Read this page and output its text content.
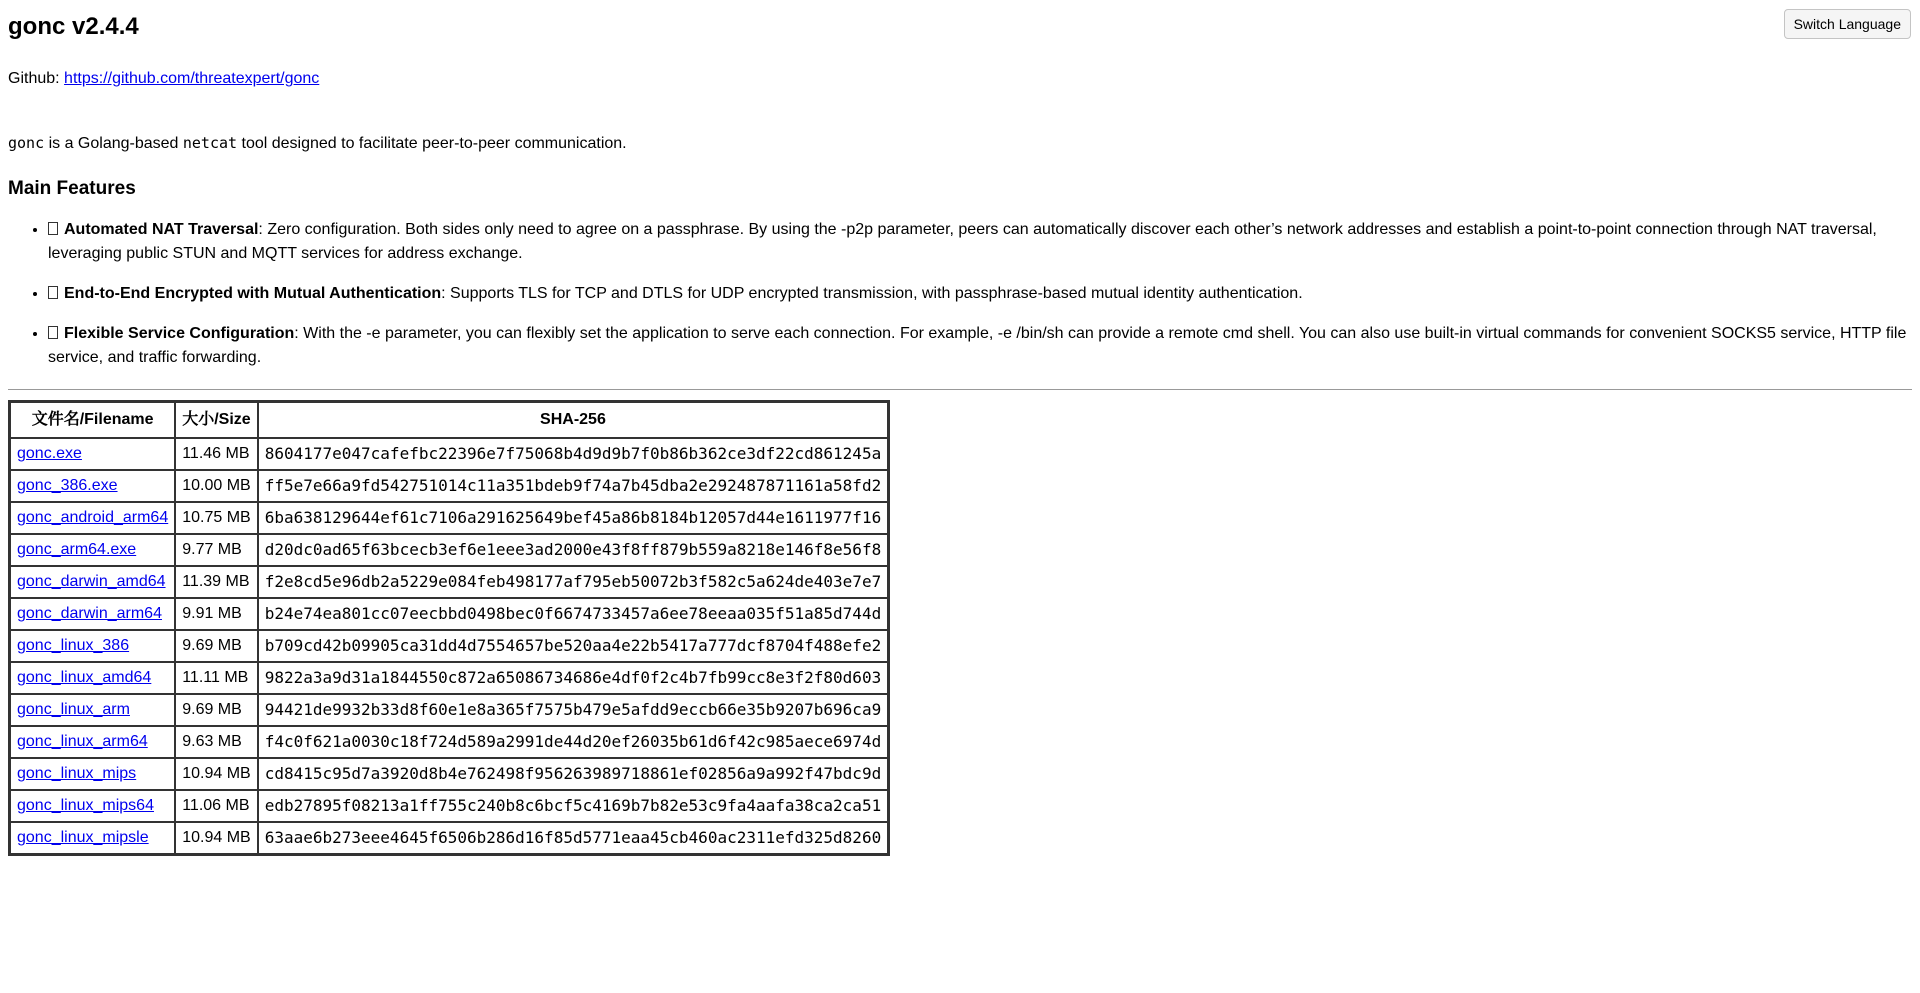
Switch Language
gonc v2.4.4

Github: https://github.com/threatexpert/gonc

gonc is a Golang-based netcat tool designed to facilitate peer-to-peer communication.

Main Features
• Automated NAT Traversal: Zero configuration. Both sides only need to agree on a passphrase. By using the -p2p parameter, peers can automatically discover each other’s network addresses and establish a point-to-point connection through NAT traversal, leveraging public STUN and MQTT services for address exchange.
• End-to-End Encrypted with Mutual Authentication: Supports TLS for TCP and DTLS for UDP encrypted transmission, with passphrase-based mutual identity authentication.
• Flexible Service Configuration: With the -e parameter, you can flexibly set the application to serve each connection. For example, -e /bin/sh can provide a remote cmd shell. You can also use built-in virtual commands for convenient SOCKS5 service, HTTP file service, and traffic forwarding.
文件名/Filename	大小/Size	SHA-256
gonc.exe	11.46 MB	8604177e047cafefbc22396e7f75068b4d9d9b7f0b86b362ce3df22cd861245a
gonc_386.exe	10.00 MB	ff5e7e66a9fd542751014c11a351bdeb9f74a7b45dba2e292487871161a58fd2
gonc_android_arm64	10.75 MB	6ba638129644ef61c7106a291625649bef45a86b8184b12057d44e1611977f16
gonc_arm64.exe	9.77 MB	d20dc0ad65f63bcecb3ef6e1eee3ad2000e43f8ff879b559a8218e146f8e56f8
gonc_darwin_amd64	11.39 MB	f2e8cd5e96db2a5229e084feb498177af795eb50072b3f582c5a624de403e7e7
gonc_darwin_arm64	9.91 MB	b24e74ea801cc07eecbbd0498bec0f6674733457a6ee78eeaa035f51a85d744d
gonc_linux_386	9.69 MB	b709cd42b09905ca31dd4d7554657be520aa4e22b5417a777dcf8704f488efe2
gonc_linux_amd64	11.11 MB	9822a3a9d31a1844550c872a65086734686e4df0f2c4b7fb99cc8e3f2f80d603
gonc_linux_arm	9.69 MB	94421de9932b33d8f60e1e8a365f7575b479e5afdd9eccb66e35b9207b696ca9
gonc_linux_arm64	9.63 MB	f4c0f621a0030c18f724d589a2991de44d20ef26035b61d6f42c985aece6974d
gonc_linux_mips	10.94 MB	cd8415c95d7a3920d8b4e762498f956263989718861ef02856a9a992f47bdc9d
gonc_linux_mips64	11.06 MB	edb27895f08213a1ff755c240b8c6bcf5c4169b7b82e53c9fa4aafa38ca2ca51
gonc_linux_mipsle	10.94 MB	63aae6b273eee4645f6506b286d16f85d5771eaa45cb460ac2311efd325d8260
